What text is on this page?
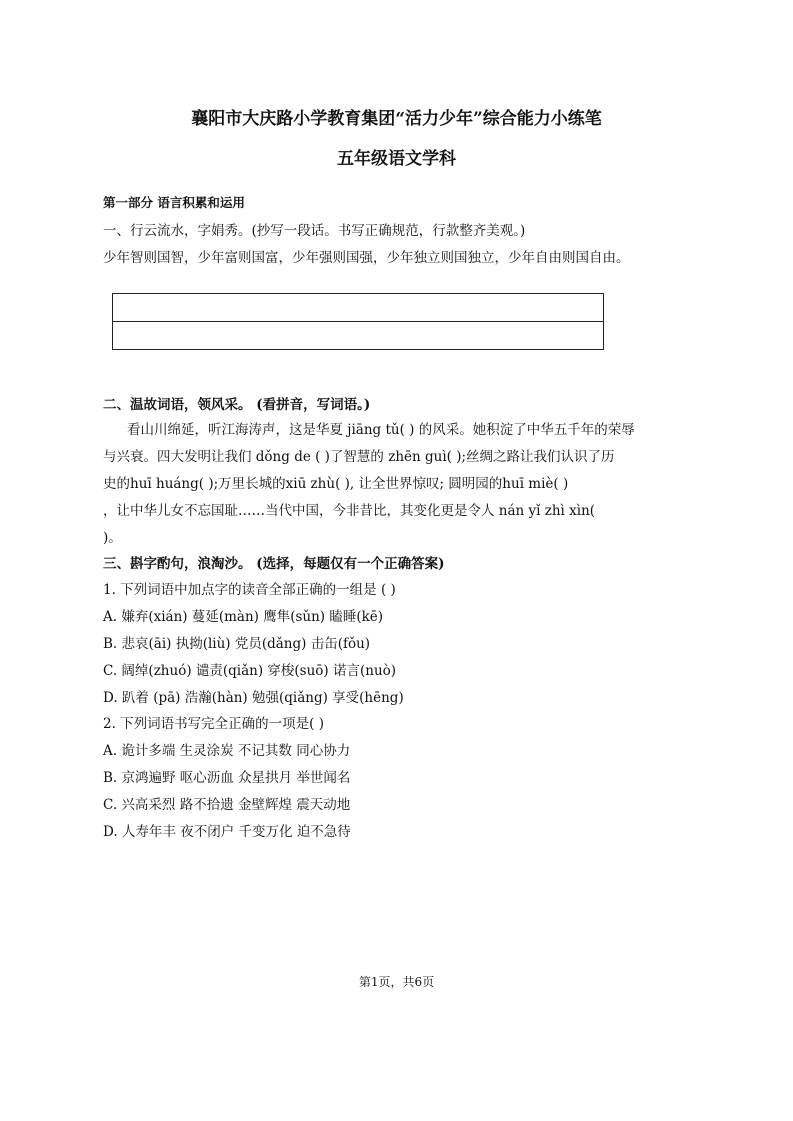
襄阳市大庆路小学教育集团“活力少年”综合能力小练笔
五年级语文学科
第一部分 语言积累和运用
一、行云流水，字娟秀。(抄写一段话。书写正确规范，行款整齐美观。)
少年智则国智，少年富则国富，少年强则国强，少年独立则国独立，少年自由则国自由。
二、温故词语，领风采。 (看拼音，写词语。)
看山川绵延，听江海涛声，这是华夏 jiāng tǔ( ) 的风采。她积淀了中华五千年的荣辱
与兴衰。四大发明让我们 dǒng de ( )了智慧的 zhēn guì( );丝绸之路让我们认识了历
史的huī huáng( );万里长城的xiū zhù( ), 让全世界惊叹; 圆明园的huī miè( )
，让中华儿女不忘国耻……当代中国，今非昔比，其变化更是令人 nán yǐ zhì xìn(
)。
三、斟字酌句，浪淘沙。 (选择，每题仅有一个正确答案)
1. 下列词语中加点字的读音全部正确的一组是 ( )
A. 嫌弃(xián) 蔓延(màn) 鹰隼(sǔn) 瞌睡(kē)
B. 悲哀(āi) 执拗(liù) 党员(dǎng) 击缶(fǒu)
C. 阔绰(zhuó) 谴责(qiǎn) 穿梭(suō) 诺言(nuò)
D. 趴着 (pā) 浩瀚(hàn) 勉强(qiǎng) 享受(hēng)
2. 下列词语书写完全正确的一项是( )
A. 诡计多端 生灵涂炭 不记其数 同心协力
B. 京鸿遍野 呕心沥血 众星拱月 举世闻名
C. 兴高采烈 路不拾遗 金壁辉煌 震天动地
D. 人寿年丰 夜不闭户 千变万化 迫不急待
第1页，共6页
